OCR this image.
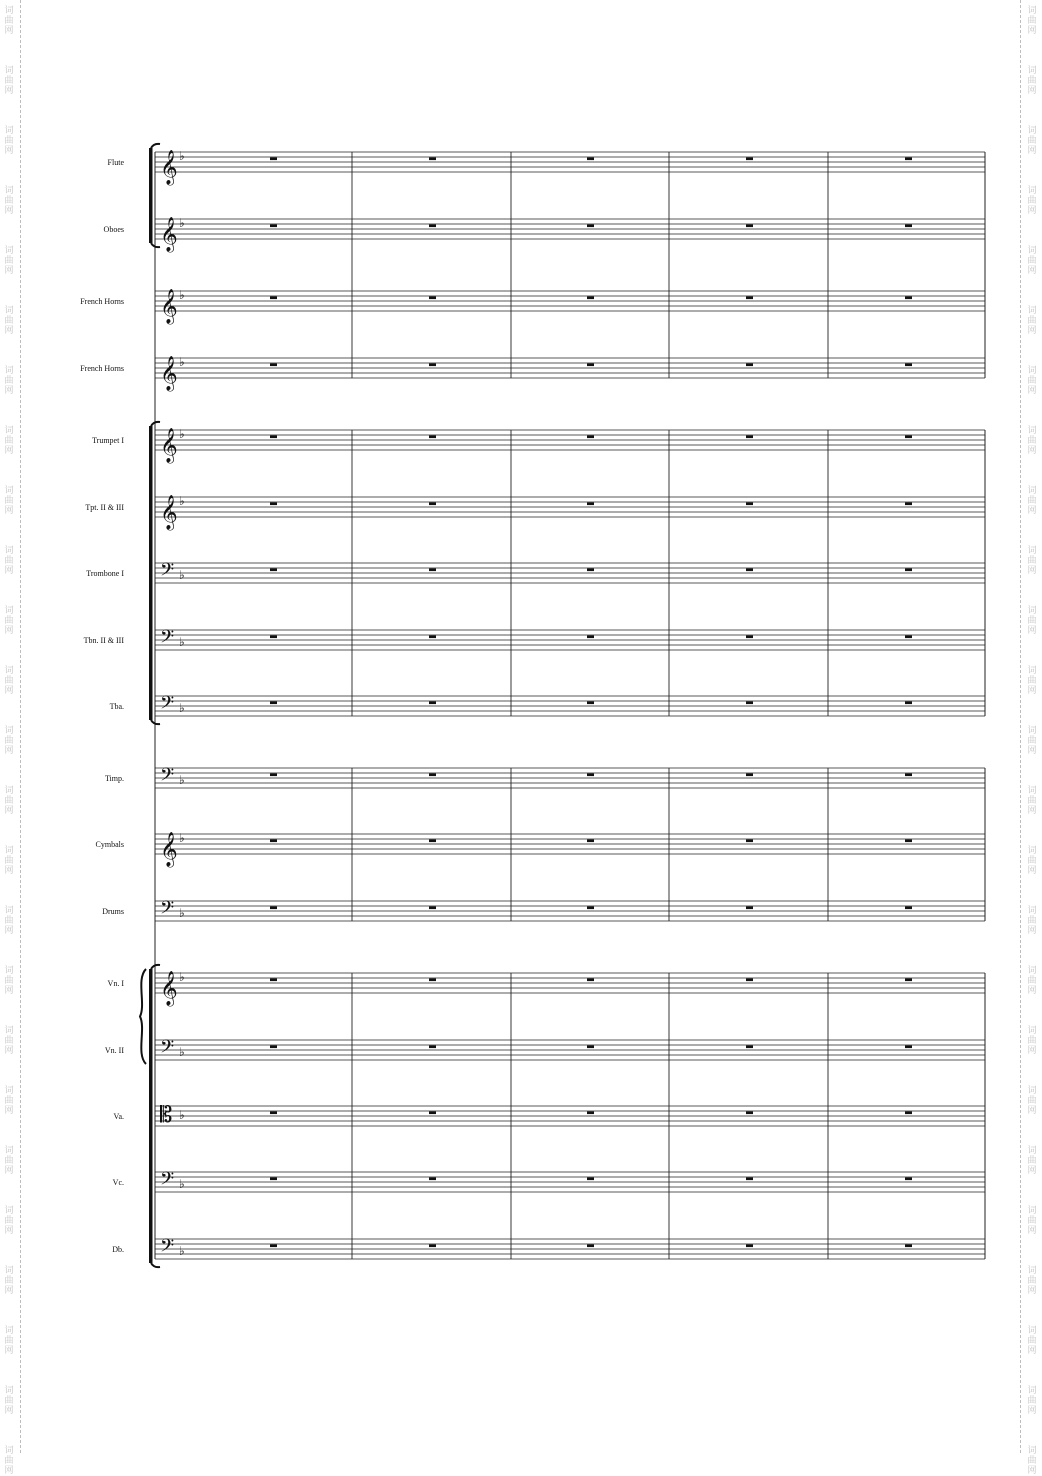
词
曲
网
词
曲
网
词
曲
网
词
曲
网
词
曲
网
词
曲
网
词
曲
网
词
曲
网
词
曲
网
词
曲
网
词
曲
网
词
曲
网
词
曲
网
词
曲
网
词
曲
网
词
曲
网
词
曲
网
词
曲
网
词
曲
网
词
曲
网
词
曲
网
词
曲
网
词
曲
网
词
曲
网
词
曲
网
词
曲
网
词
曲
网
词
曲
网
词
曲
网
词
曲
网
词
曲
网
词
曲
网
词
曲
网
词
曲
网
词
曲
网
词
曲
网
词
曲
网
词
曲
网
词
曲
网
词
曲
网
词
曲
网
词
曲
网
词
曲
网
词
曲
网
词
曲
网
词
曲
网
词
曲
网
词
曲
网
词
曲
网
词
曲
网
Flute
Oboes
French Horns
French Horns
Trumpet I
Tpt. II & III
Trombone I
Tbn. II & III
Tba.
Timp.
Cymbals
Drums
Vn. I
Vn. II
Va.
Vc.
Db.
𝄞 ♭
𝄞 ♭
𝄞 ♭
𝄞 ♭
𝄞 ♭
𝄞 ♭
𝄢 ♭
𝄢 ♭
𝄢 ♭
𝄢 ♭
𝄞 ♭
𝄢 ♭
𝄞 ♭
𝄢 ♭
𝄡 ♭
𝄢 ♭
𝄢 ♭
